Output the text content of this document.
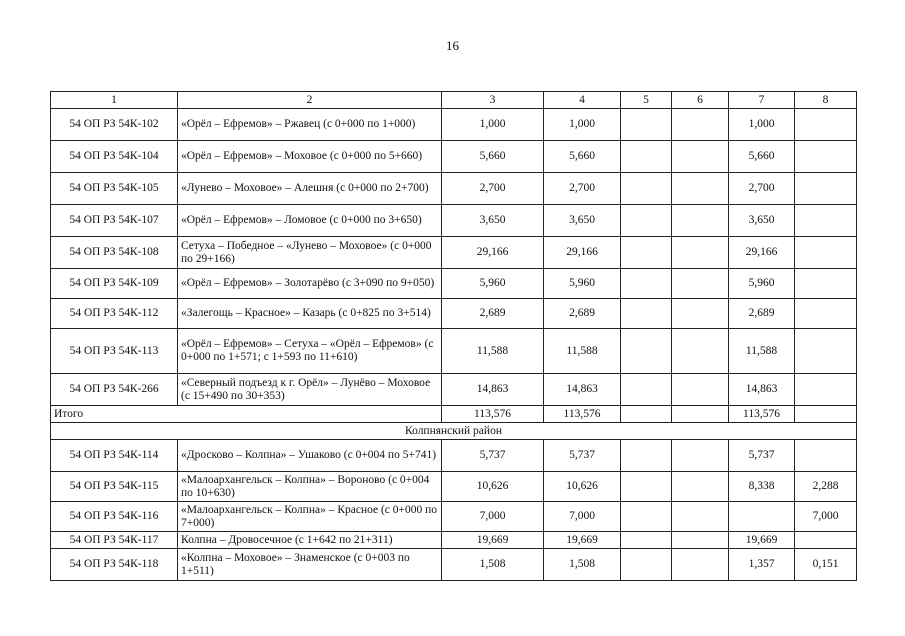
16
1	2	3	4	5	6	7	8
54 ОП РЗ 54К-102	«Орёл – Ефремов» – Ржавец (с 0+000 по 1+000)	1,000	1,000			1,000	
54 ОП РЗ 54К-104	«Орёл – Ефремов» – Моховое (с 0+000 по 5+660)	5,660	5,660			5,660	
54 ОП РЗ 54К-105	«Лунево – Моховое» – Алешня (с 0+000 по 2+700)	2,700	2,700			2,700	
54 ОП РЗ 54К-107	«Орёл – Ефремов» – Ломовое (с 0+000 по 3+650)	3,650	3,650			3,650	
54 ОП РЗ 54К-108	Сетуха – Победное – «Лунево – Моховое» (с 0+000 по 29+166)	29,166	29,166			29,166	
54 ОП РЗ 54К-109	«Орёл – Ефремов» – Золотарёво (с 3+090 по 9+050)	5,960	5,960			5,960	
54 ОП РЗ 54К-112	«Залегощь – Красное» – Казарь (с 0+825 по 3+514)	2,689	2,689			2,689	
54 ОП РЗ 54К-113	«Орёл – Ефремов» – Сетуха – «Орёл – Ефремов» (с 0+000 по 1+571; с 1+593 по 11+610)	11,588	11,588			11,588	
54 ОП РЗ 54К-266	«Северный подъезд к г. Орёл» – Лунёво – Моховое (с 15+490 по 30+353)	14,863	14,863			14,863	
Итого		113,576	113,576			113,576	
Колпнянский район							
54 ОП РЗ 54К-114	«Дросково – Колпна» – Ушаково (с 0+004 по 5+741)	5,737	5,737			5,737	
54 ОП РЗ 54К-115	«Малоархангельск – Колпна» – Вороново (с 0+004 по 10+630)	10,626	10,626			8,338	2,288
54 ОП РЗ 54К-116	«Малоархангельск – Колпна» – Красное (с 0+000 по 7+000)	7,000	7,000				7,000
54 ОП РЗ 54К-117	Колпна – Дровосечное (с 1+642 по 21+311)	19,669	19,669			19,669	
54 ОП РЗ 54К-118	«Колпна – Моховое» – Знаменское (с 0+003 по 1+511)	1,508	1,508			1,357	0,151
